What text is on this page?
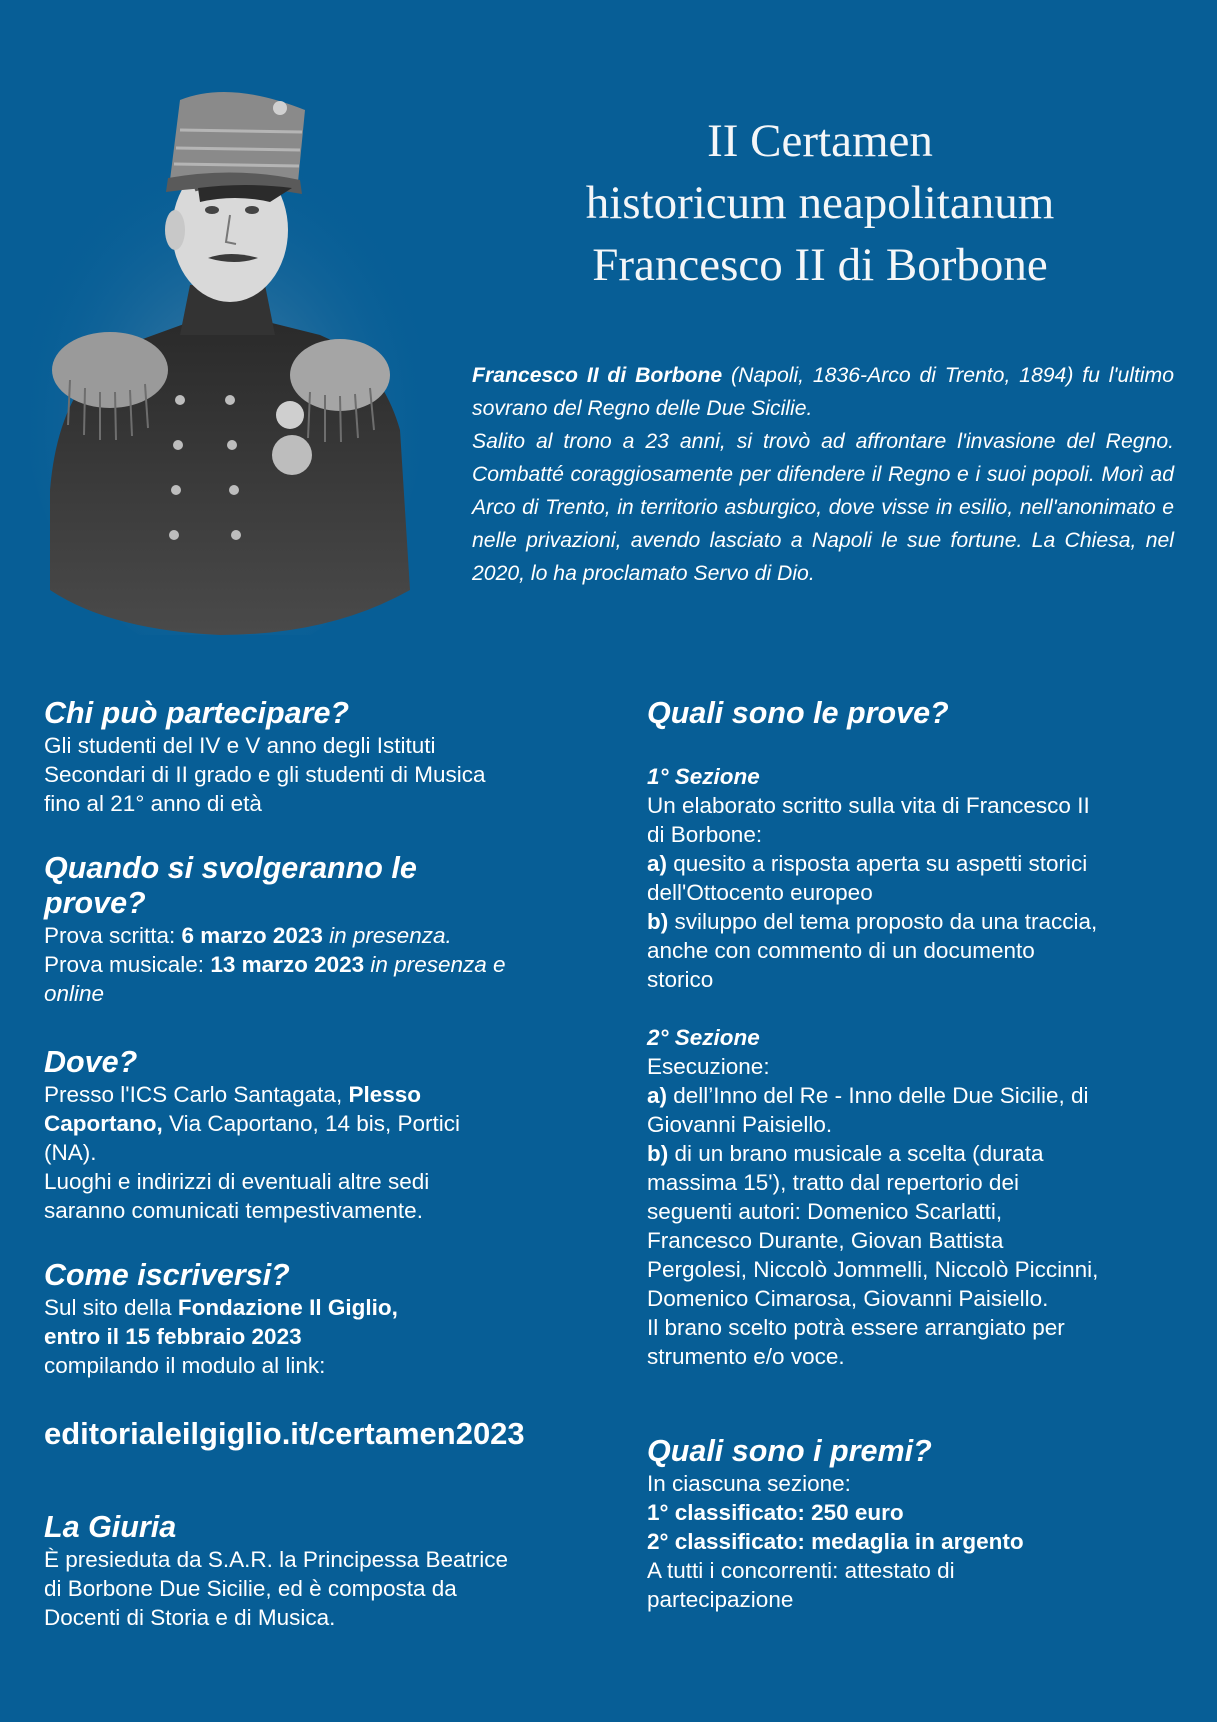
II Certamen
historicum neapolitanum
Francesco II di Borbone

Francesco II di Borbone (Napoli, 1836-Arco di Trento, 1894) fu l'ultimo sovrano del Regno delle Due Sicilie.

Salito al trono a 23 anni, si trovò ad affrontare l'invasione del Regno. Combatté coraggiosamente per difendere il Regno e i suoi popoli. Morì ad Arco di Trento, in territorio asburgico, dove visse in esilio, nell'anonimato e nelle privazioni, avendo lasciato a Napoli le sue fortune. La Chiesa, nel 2020, lo ha proclamato Servo di Dio.

Chi può partecipare?
Gli studenti del IV e V anno degli Istituti
Secondari di II grado e gli studenti di Musica
fino al 21° anno di età
Quando si svolgeranno le
prove?
Prova scritta: 6 marzo 2023 in presenza.
Prova musicale: 13 marzo 2023 in presenza e
online
Dove?
Presso l'ICS Carlo Santagata, Plesso
Caportano, Via Caportano, 14 bis, Portici
(NA).
Luoghi e indirizzi di eventuali altre sedi
saranno comunicati tempestivamente.
Come iscriversi?
Sul sito della Fondazione Il Giglio,
entro il 15 febbraio 2023
compilando il modulo al link:
editorialeilgiglio.it/certamen2023
La Giuria
È presieduta da S.A.R. la Principessa Beatrice
di Borbone Due Sicilie, ed è composta da
Docenti di Storia e di Musica.
Quali sono le prove?
1° Sezione
Un elaborato scritto sulla vita di Francesco II
di Borbone:
a) quesito a risposta aperta su aspetti storici
dell'Ottocento europeo
b) sviluppo del tema proposto da una traccia,
anche con commento di un documento
storico
2° Sezione
Esecuzione:
a) dell’Inno del Re - Inno delle Due Sicilie, di
Giovanni Paisiello.
b) di un brano musicale a scelta (durata
massima 15'), tratto dal repertorio dei
seguenti autori: Domenico Scarlatti,
Francesco Durante, Giovan Battista
Pergolesi, Niccolò Jommelli, Niccolò Piccinni,
Domenico Cimarosa, Giovanni Paisiello.
Il brano scelto potrà essere arrangiato per
strumento e/o voce.
Quali sono i premi?
In ciascuna sezione:
1° classificato: 250 euro
2° classificato: medaglia in argento
A tutti i concorrenti: attestato di
partecipazione
